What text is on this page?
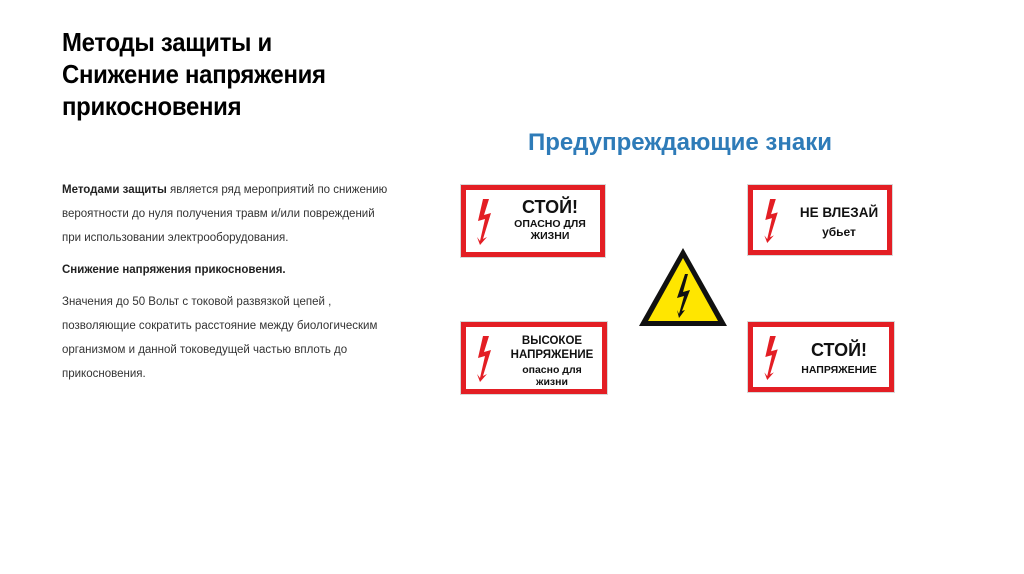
Методы защиты и
Снижение напряжения
прикосновения

Методами защиты является ряд мероприятий по снижению вероятности до нуля получения травм и/или повреждений при использовании электрооборудования.

Снижение напряжения прикосновения.

Значения до 50 Вольт с токовой развязкой цепей , позволяющие сократить расстояние между биологическим организмом и данной токоведущей частью вплоть до прикосновения.

Предупреждающие знаки
СТОЙ!
ОПАСНО ДЛЯ
ЖИЗНИ
НЕ ВЛЕЗАЙ
убьет
ВЫСОКОЕ
НАПРЯЖЕНИЕ
опасно для
жизни
СТОЙ!
НАПРЯЖЕНИЕ
